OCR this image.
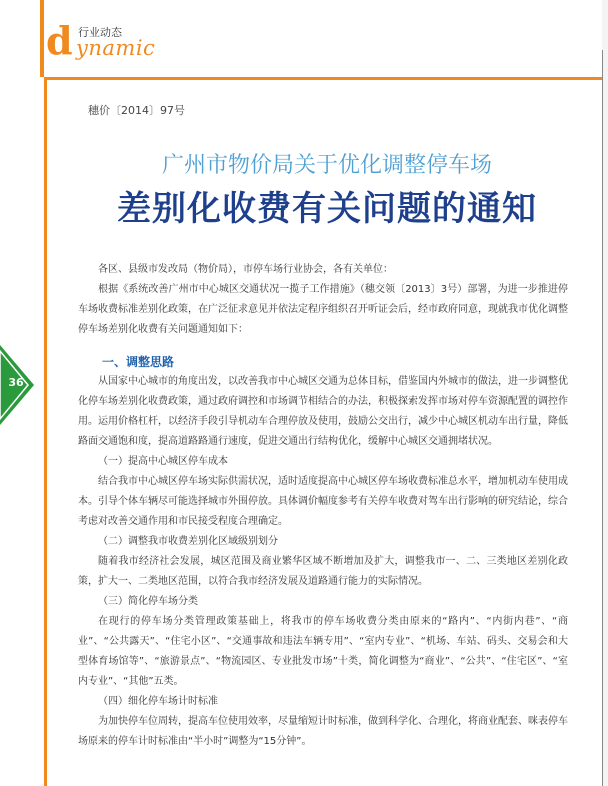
d 行业动态
ynamic
36
穗价〔2014〕97号
广州市物价局关于优化调整停车场
差别化收费有关问题的通知

各区、县级市发改局（物价局），市停车场行业协会，各有关单位：

根据《系统改善广州市中心城区交通状况一揽子工作措施》（穗交领〔2013〕3号）部署，为进一步推进停车场收费标准差别化政策，在广泛征求意见并依法定程序组织召开听证会后，经市政府同意，现就我市优化调整停车场差别化收费有关问题通知如下：

一、调整思路

从国家中心城市的角度出发，以改善我市中心城区交通为总体目标，借鉴国内外城市的做法，进一步调整优化停车场差别化收费政策，通过政府调控和市场调节相结合的办法，积极探索发挥市场对停车资源配置的调控作用。运用价格杠杆，以经济手段引导机动车合理停放及使用，鼓励公交出行，减少中心城区机动车出行量，降低路面交通饱和度，提高道路路通行速度，促进交通出行结构优化，缓解中心城区交通拥堵状况。

（一）提高中心城区停车成本

结合我市中心城区停车场实际供需状况，适时适度提高中心城区停车场收费标准总水平，增加机动车使用成本。引导个体车辆尽可能选择城市外围停放。具体调价幅度参考有关停车收费对驾车出行影响的研究结论，综合考虑对改善交通作用和市民接受程度合理确定。

（二）调整我市收费差别化区域级别划分

随着我市经济社会发展，城区范围及商业繁华区域不断增加及扩大，调整我市一、二、三类地区差别化政策，扩大一、二类地区范围，以符合我市经济发展及道路通行能力的实际情况。

（三）简化停车场分类

在现行的停车场分类管理政策基础上，将我市的停车场收费分类由原来的“路内”、“内街内巷”、“商业”、“公共露天”、“住宅小区”、“交通事故和违法车辆专用”、“室内专业”、“机场、车站、码头、交易会和大型体育场馆等”、“旅游景点”、“物流园区、专业批发市场”十类，简化调整为“商业”、“公共”、“住宅区”、“室内专业”、“其他”五类。

（四）细化停车场计时标准

为加快停车位周转，提高车位使用效率，尽量缩短计时标准，做到科学化、合理化，将商业配套、咪表停车场原来的停车计时标准由“半小时”调整为“15分钟”。
